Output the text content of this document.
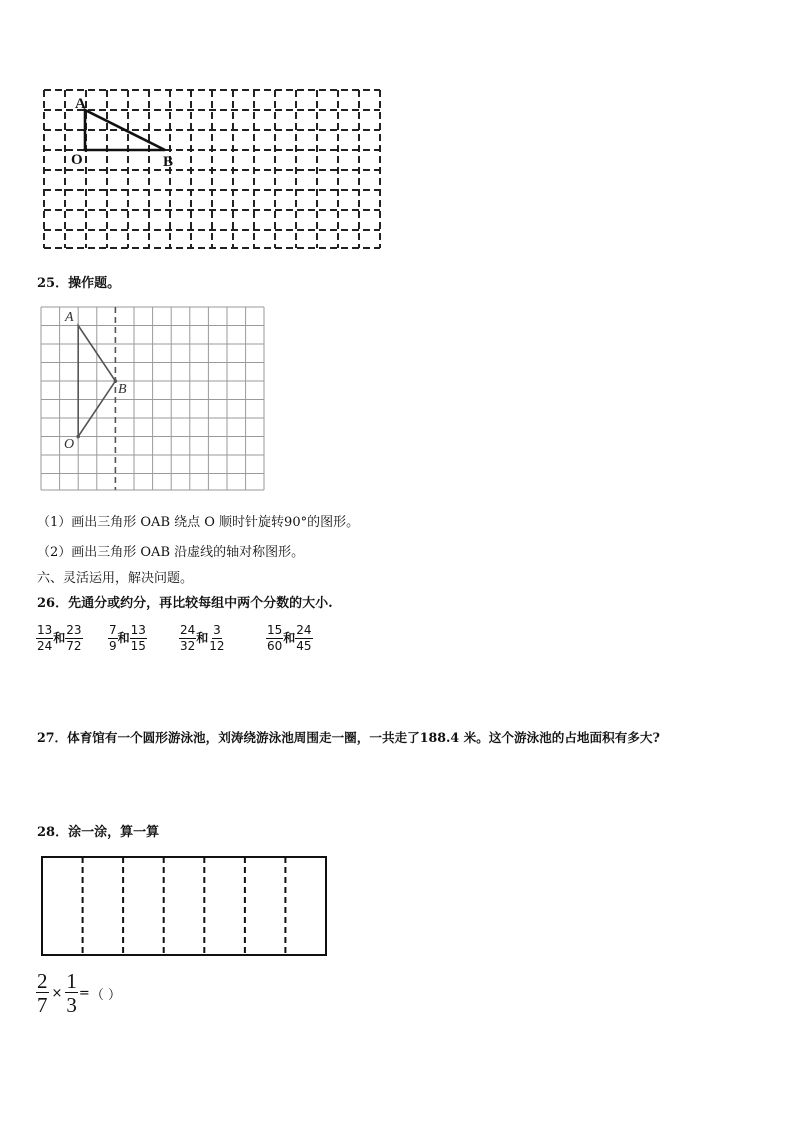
A
O	B
25．操作题。
A
B
O
（1）画出三角形 OAB 绕点 O 顺时针旋转90°的图形。
（2）画出三角形 OAB 沿虚线的轴对称图形。
六、灵活运用，解决问题。
26．先通分或约分，再比较每组中两个分数的大小.
$\frac{13}{24}$ 和 $\frac{23}{72} \frac{7}{9}$ 和 $\frac{13}{15}$	$\frac{24}{32}$ 和 $\frac{3}{12}$	$\frac{15}{60}$ 和 $\frac{24}{45}$
27．体育馆有一个圆形游泳池，刘涛绕游泳池周围走一圈，一共走了188.4 米。这个游泳池的占地面积有多大?
28．涂一涂，算一算
$\frac{2}{7} \times \frac{1}{3}$ = （ ）
